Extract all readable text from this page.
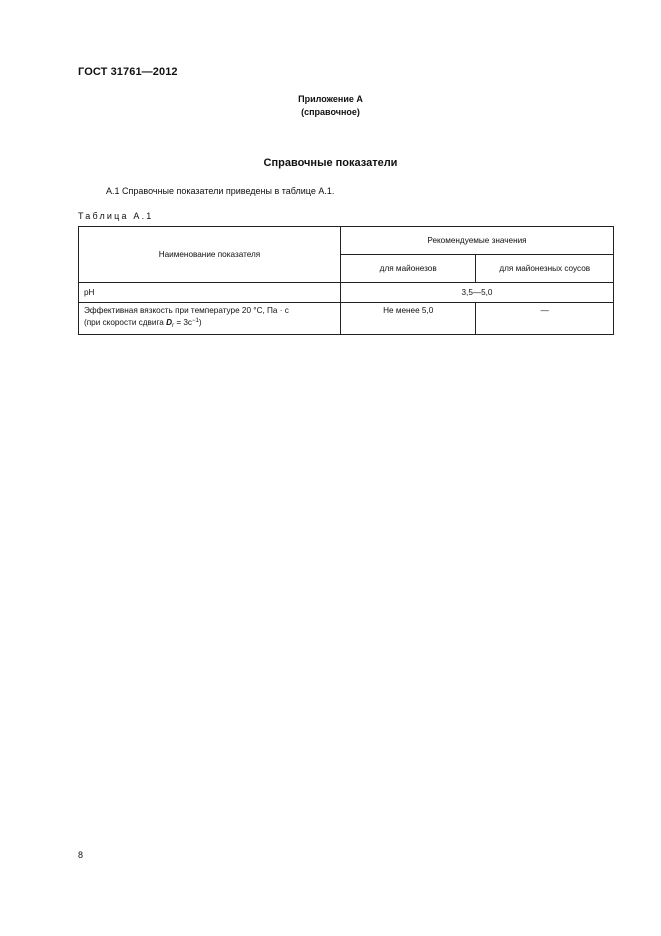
ГОСТ 31761—2012
Приложение А
(справочное)
Справочные показатели
А.1 Справочные показатели приведены в таблице А.1.
Таблица А.1
Наименование показателя	Рекомендуемые значения	
	для майонезов	для майонезных соусов
pH	3,5—5,0	
Эффективная вязкость при температуре 20 °С, Па · с
(при скорости сдвига $D_r = 3с^{-1}$)	Не менее 5,0	—
8
